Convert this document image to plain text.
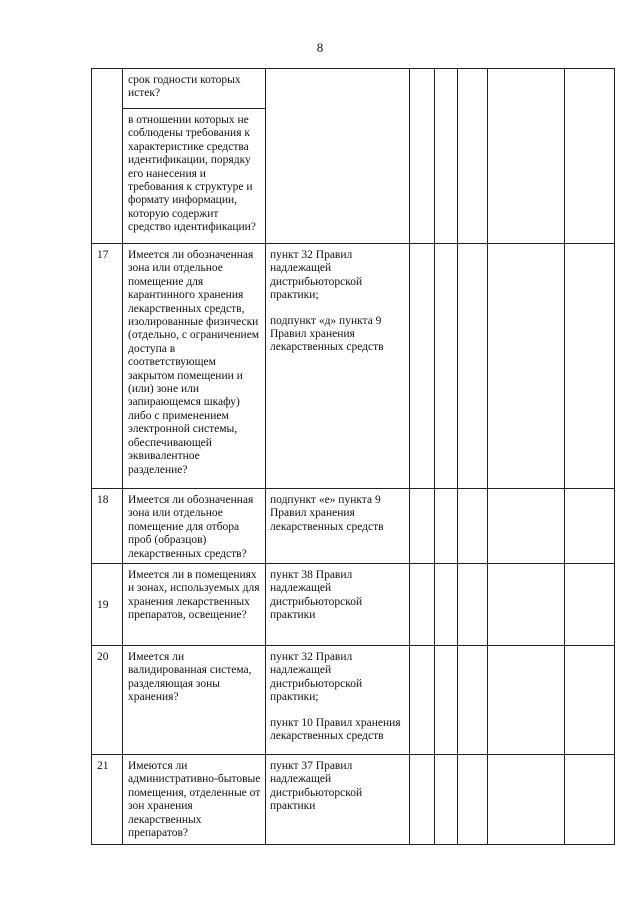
8
	срок годности которых истек?						
	в отношении которых не соблюдены требования к характеристике средства идентификации, порядку его нанесения и требования к структуре и формату информации, которую содержит средство идентификации?						
17	Имеется ли обозначенная зона или отдельное помещение для карантинного хранения лекарственных средств, изолированные физически (отдельно, с ограничением доступа в соответствующем закрытом помещении и (или) зоне или запирающемся шкафу) либо с применением электронной системы, обеспечивающей эквивалентное разделение?	пункт 32 Правил надлежащей дистрибьюторской практики;
подпункт «д» пункта 9 Правил хранения лекарственных средств					

18	Имеется ли обозначенная зона или отдельное помещение для отбора проб (образцов) лекарственных средств?	подпункт «е» пункта 9 Правил хранения лекарственных средств					

19	Имеется ли в помещениях и зонах, используемых для хранения лекарственных препаратов, освещение?	пункт 38 Правил надлежащей дистрибьюторской практики					

20	Имеется ли валидированная система, разделяющая зоны хранения?	пункт 32 Правил надлежащей дистрибьюторской практики;
пункт 10 Правил хранения лекарственных средств					

21	Имеются ли административно-бытовые помещения, отделенные от зон хранения лекарственных препаратов?	пункт 37 Правил надлежащей дистрибьюторской практики					
